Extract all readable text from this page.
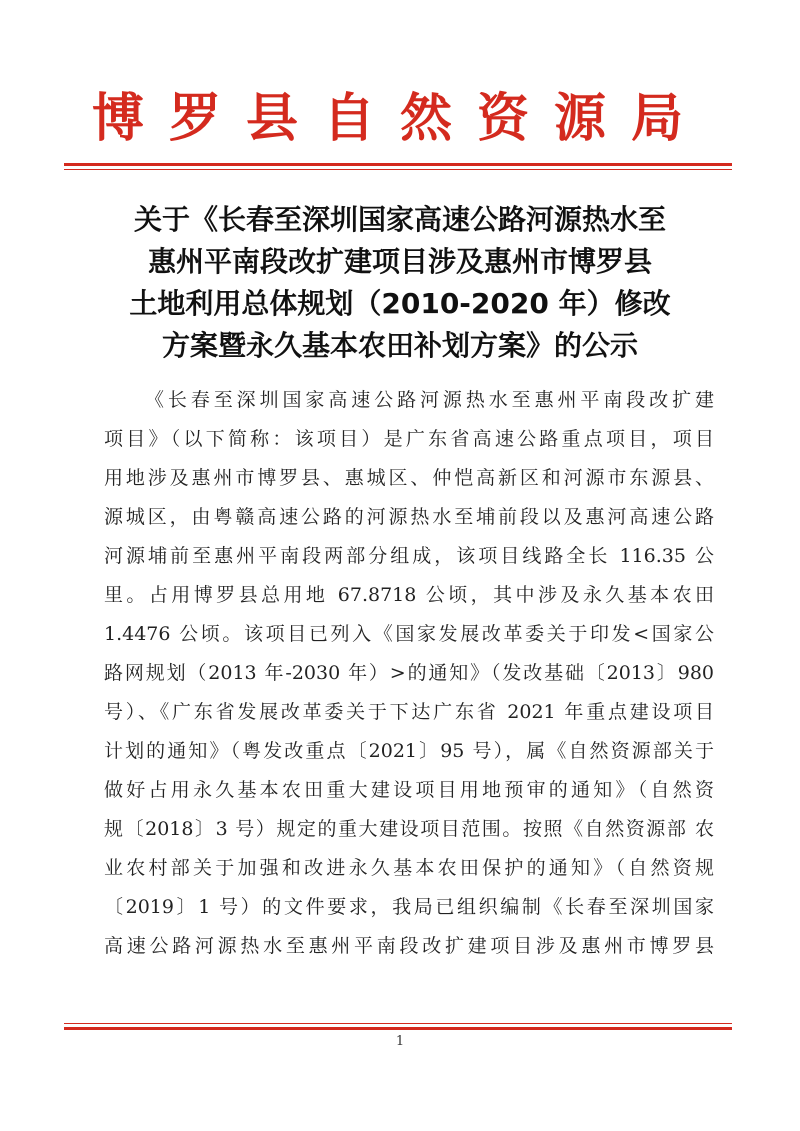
博罗县自然资源局
关于《长春至深圳国家高速公路河源热水至
惠州平南段改扩建项目涉及惠州市博罗县
土地利用总体规划（2010-2020 年）修改
方案暨永久基本农田补划方案》的公示
《长春至深圳国家高速公路河源热水至惠州平南段改扩建
项目》（以下简称：该项目）是广东省高速公路重点项目，项目
用地涉及惠州市博罗县、惠城区、仲恺高新区和河源市东源县、
源城区，由粤赣高速公路的河源热水至埔前段以及惠河高速公路
河源埔前至惠州平南段两部分组成，该项目线路全长 116.35 公
里。占用博罗县总用地 67.8718 公顷，其中涉及永久基本农田
1.4476 公顷。该项目已列入《国家发展改革委关于印发<国家公
路网规划（2013 年-2030 年）>的通知》（发改基础〔2013〕980
号）、《广东省发展改革委关于下达广东省 2021 年重点建设项目
计划的通知》（粤发改重点〔2021〕95 号），属《自然资源部关于
做好占用永久基本农田重大建设项目用地预审的通知》（自然资
规〔2018〕3 号）规定的重大建设项目范围。按照《自然资源部 农
业农村部关于加强和改进永久基本农田保护的通知》（自然资规
〔2019〕1 号）的文件要求，我局已组织编制《长春至深圳国家
高速公路河源热水至惠州平南段改扩建项目涉及惠州市博罗县
1
